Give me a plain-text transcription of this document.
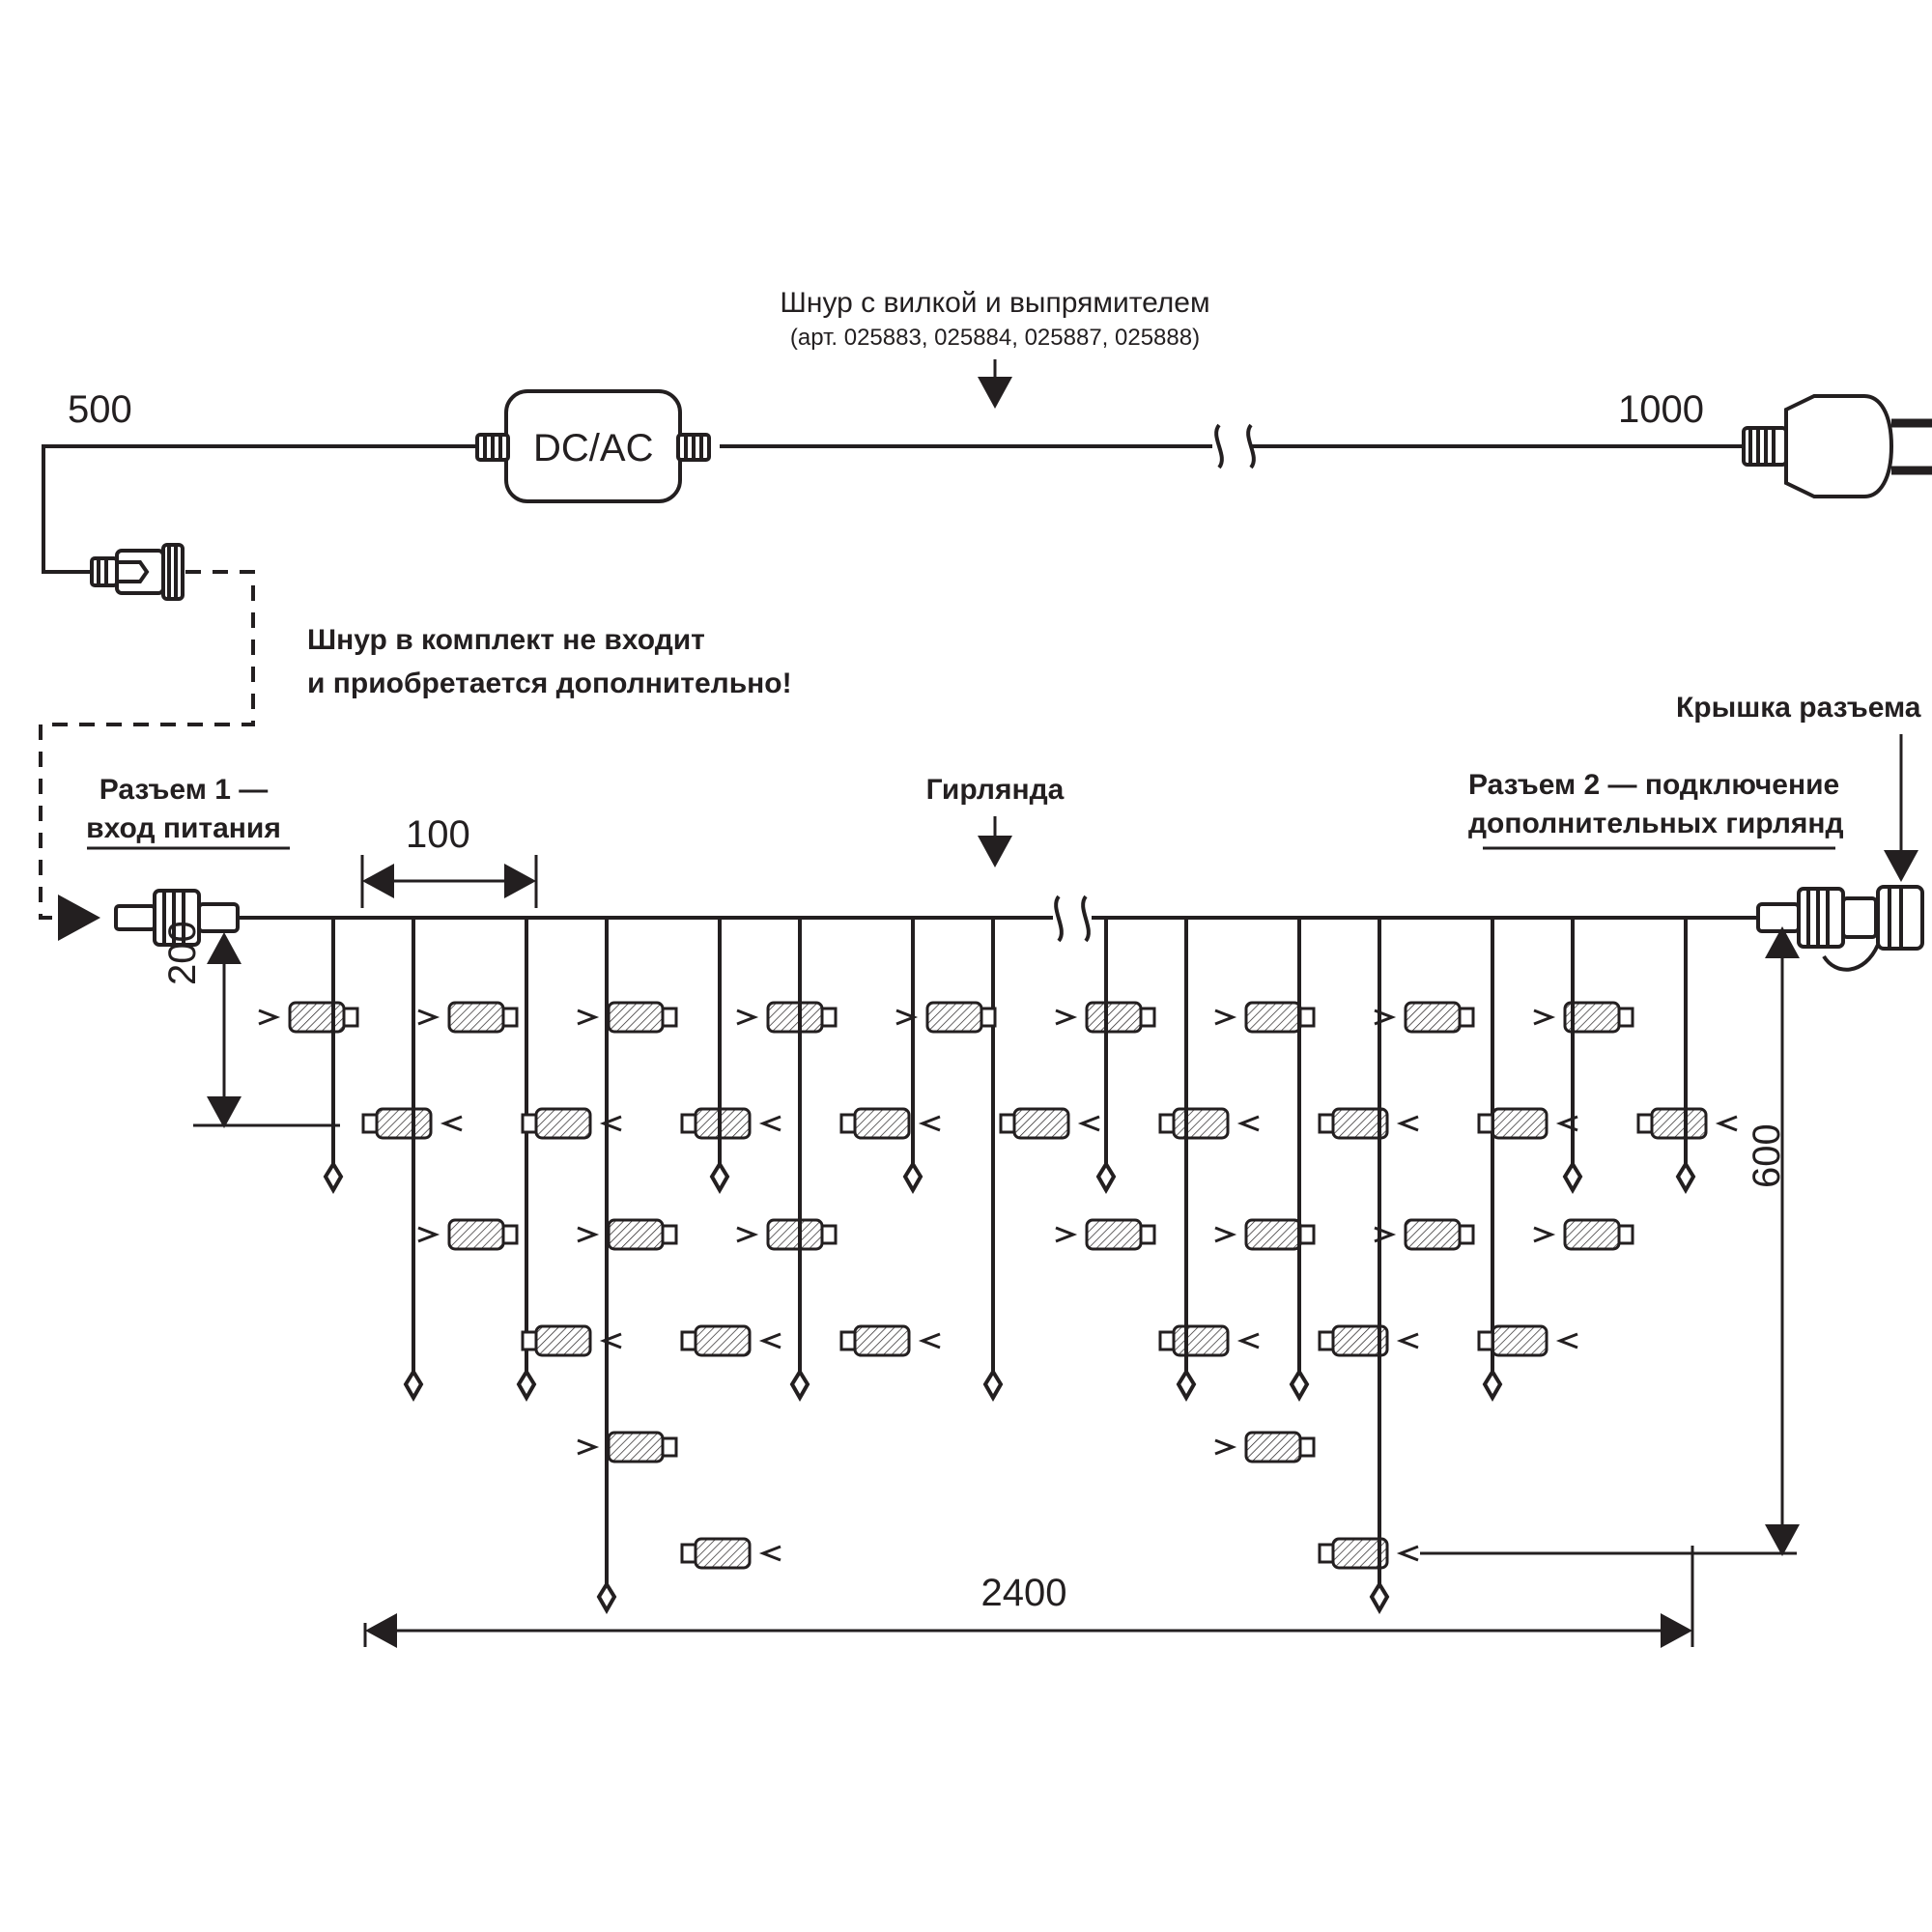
Шнур с вилкой и выпрямителем
(арт. 025883, 025884, 025887, 025888)
500	1000
DC/AC
Шнур в комплект не входит
и приобретается дополнительно!
Разъем 1 —
вход питания
Гирлянда	Разъем 2 — подключение
дополнительных гирлянд
Крышка разъема
100
200
600
2400
